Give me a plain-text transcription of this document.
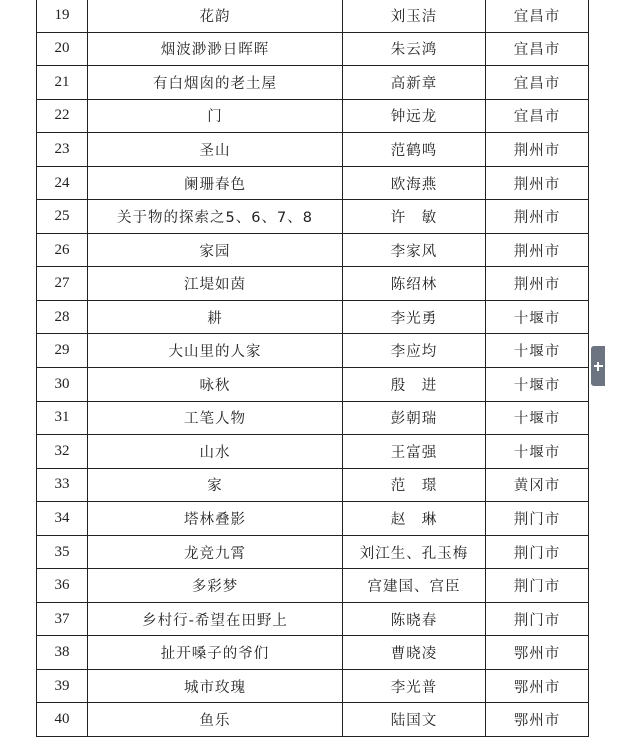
19	花韵	刘玉洁	宜昌市
20	烟波渺渺日晖晖	朱云鸿	宜昌市
21	有白烟囱的老土屋	高新章	宜昌市
22	门	钟远龙	宜昌市
23	圣山	范鹤鸣	荆州市
24	阑珊春色	欧海燕	荆州市
25	关于物的探索之5、6、7、8	许　敏	荆州市
26	家园	李家风	荆州市
27	江堤如茵	陈绍林	荆州市
28	耕	李光勇	十堰市
29	大山里的人家	李应均	十堰市
30	咏秋	殷　进	十堰市
31	工笔人物	彭朝瑞	十堰市
32	山水	王富强	十堰市
33	家	范　璟	黄冈市
34	塔林叠影	赵　琳	荆门市
35	龙竞九霄	刘江生、孔玉梅	荆门市
36	多彩梦	宫建国、宫臣	荆门市
37	乡村行-希望在田野上	陈晓春	荆门市
38	扯开嗓子的爷们	曹晓凌	鄂州市
39	城市玫瑰	李光普	鄂州市
40	鱼乐	陆国文	鄂州市
